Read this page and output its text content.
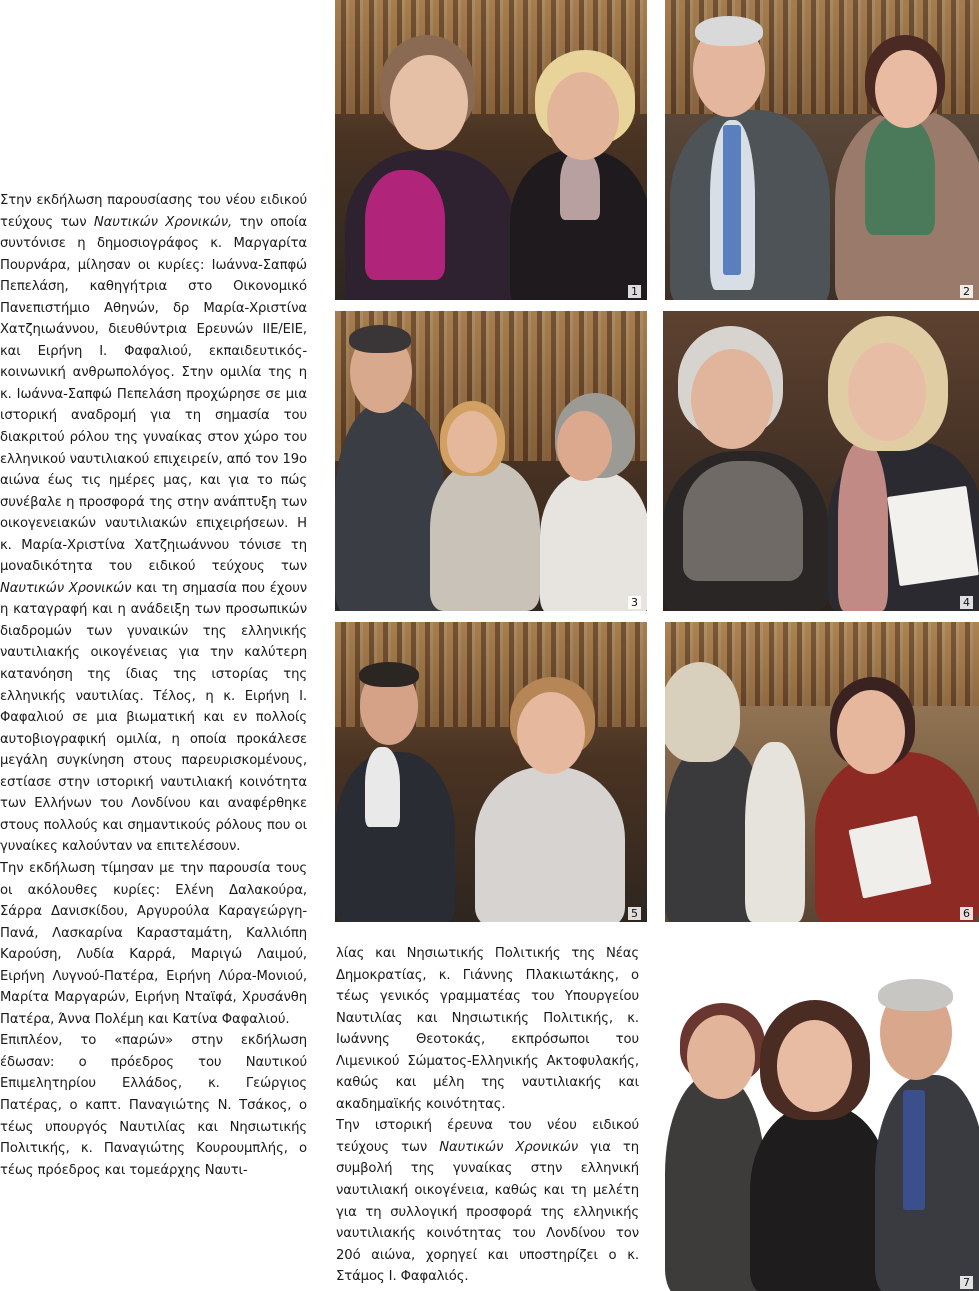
Στην εκδήλωση παρουσίασης του νέου ειδικού τεύχους των Ναυτικών Χρονικών, την οποία συντόνισε η δημοσιογράφος κ. Μαργαρίτα Πουρνάρα, μίλησαν οι κυρίες: Ιωάννα-Σαπφώ Πεπελάση, καθηγήτρια στο Οικονομικό Πανεπιστήμιο Αθηνών, δρ Μαρία-Χριστίνα Χατζηιωάννου, διευθύντρια Ερευνών ΙΙΕ/ΕΙΕ, και Ειρήνη Ι. Φαφαλιού, εκπαιδευτικός-κοινωνική ανθρωπολόγος. Στην ομιλία της η κ. Ιωάννα-Σαπφώ Πεπελάση προχώρησε σε μια ιστορική αναδρομή για τη σημασία του διακριτού ρόλου της γυναίκας στον χώρο του ελληνικού ναυτιλιακού επιχειρείν, από τον 19ο αιώνα έως τις ημέρες μας, και για το πώς συνέβαλε η προσφορά της στην ανάπτυξη των οικογενειακών ναυτιλιακών επιχειρήσεων. Η κ. Μαρία-Χριστίνα Χατζηιωάννου τόνισε τη μοναδικότητα του ειδικού τεύχους των Ναυτικών Χρονικών και τη σημασία που έχουν η καταγραφή και η ανάδειξη των προσωπικών διαδρομών των γυναικών της ελληνικής ναυτιλιακής οικογένειας για την καλύτερη κατανόηση της ίδιας της ιστορίας της ελληνικής ναυτιλίας. Τέλος, η κ. Ειρήνη Ι. Φαφαλιού σε μια βιωματική και εν πολλοίς αυτοβιογραφική ομιλία, η οποία προκάλεσε μεγάλη συγκίνηση στους παρευρισκομένους, εστίασε στην ιστορική ναυτιλιακή κοινότητα των Ελλήνων του Λονδίνου και αναφέρθηκε στους πολλούς και σημαντικούς ρόλους που οι γυναίκες καλούνταν να επιτελέσουν.

Την εκδήλωση τίμησαν με την παρουσία τους οι ακόλουθες κυρίες: Ελένη Δαλακούρα, Σάρρα Δανισκίδου, Αργυρούλα Καραγεώργη-Πανά, Λασκαρίνα Καρασταμάτη, Καλλιόπη Καρούση, Λυδία Καρρά, Μαριγώ Λαιμού, Ειρήνη Λυγνού-Πατέρα, Ειρήνη Λύρα-Μονιού, Μαρίτα Μαργαρών, Ειρήνη Νταϊφά, Χρυσάνθη Πατέρα, Άννα Πολέμη και Κατίνα Φαφαλιού.

Επιπλέον, το «παρών» στην εκδήλωση έδωσαν: ο πρόεδρος του Ναυτικού Επιμελητηρίου Ελλάδος, κ. Γεώργιος Πατέρας, ο καπτ. Παναγιώτης Ν. Τσάκος, ο τέως υπουργός Ναυτιλίας και Νησιωτικής Πολιτικής, κ. Παναγιώτης Κουρουμπλής, ο τέως πρόεδρος και τομεάρχης Ναυτι-

λίας και Νησιωτικής Πολιτικής της Νέας Δημοκρατίας, κ. Γιάννης Πλακιωτάκης, ο τέως γενικός γραμματέας του Υπουργείου Ναυτιλίας και Νησιωτικής Πολιτικής, κ. Ιωάννης Θεοτοκάς, εκπρόσωποι του Λιμενικού Σώματος-Ελληνικής Ακτοφυλακής, καθώς και μέλη της ναυτιλιακής και ακαδημαϊκής κοινότητας.

Την ιστορική έρευνα του νέου ειδικού τεύχους των Ναυτικών Χρονικών για τη συμβολή της γυναίκας στην ελληνική ναυτιλιακή οικογένεια, καθώς και τη μελέτη για τη συλλογική προσφορά της ελληνικής ναυτιλιακής κοινότητας του Λονδίνου τον 20ό αιώνα, χορηγεί και υποστηρίζει ο κ. Στάμος Ι. Φαφαλιός.

1	2
3	4
5	6
7
